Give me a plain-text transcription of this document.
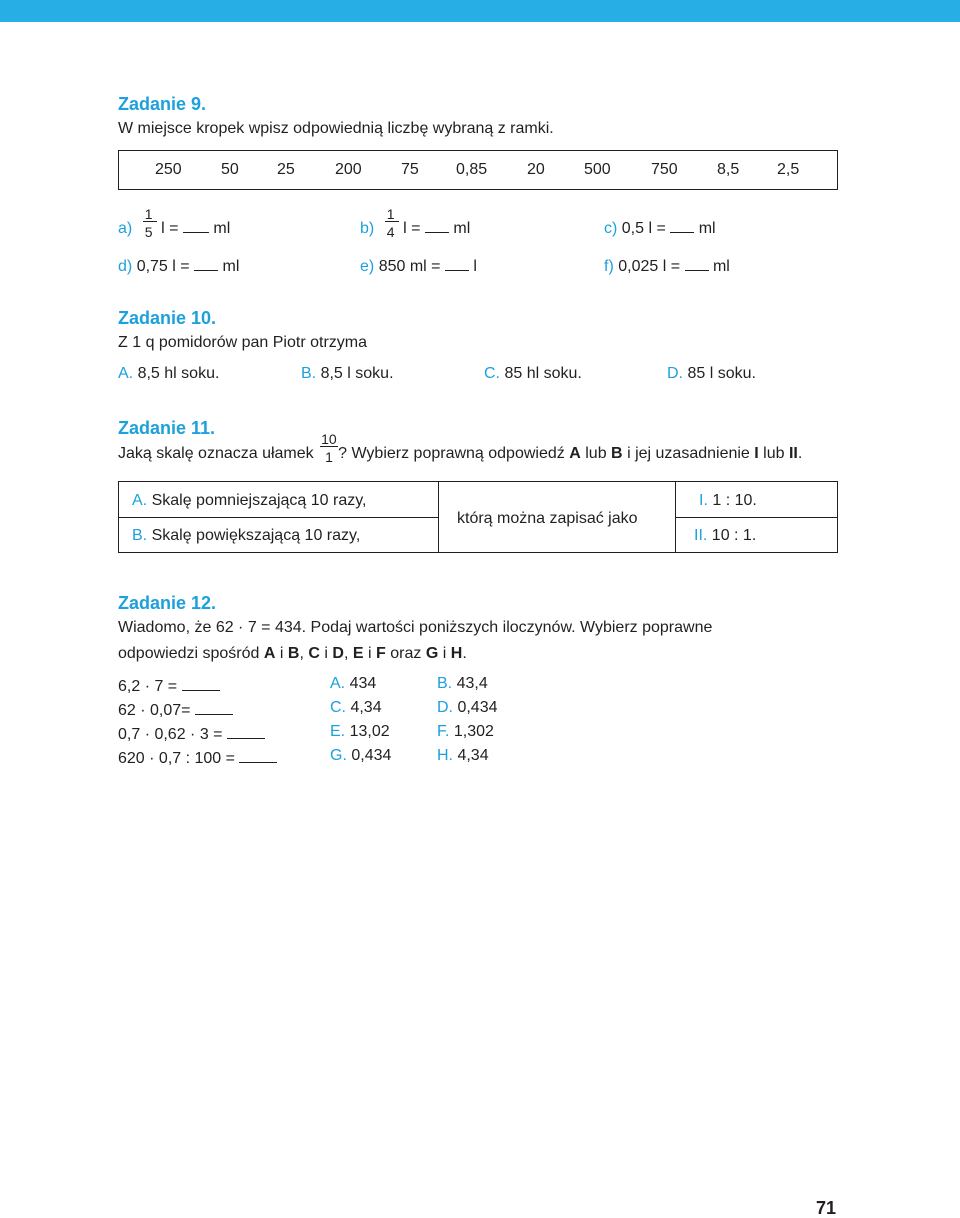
Zadanie 9.
W miejsce kropek wpisz odpowiednią liczbę wybraną z ramki.
250 50 25	200 75 0,85 20 500	750 8,5 2,5
$a) \frac{1}{5}$ l = ml	$b) \frac{1}{4}$ l = ml	c) 0,5 l = ml
d) 0,75 l = ml	e) 850 ml = l	f) 0,025 l = ml
Zadanie 10.
Z 1 q pomidorów pan Piotr otrzyma
A. 8,5 hl soku.	B. 8,5 l soku.	C. 85 hl soku.	D. 85 l soku.
Zadanie 11.
Jaką skalę oznacza ułamek $\frac{10}{1}$ ? Wybierz poprawną odpowiedź A lub B i jej uzasadnienie I lub II.
A. Skalę pomniejszającą 10 razy,
B. Skalę powiększającą 10 razy,
którą można zapisać jako
I. 1 : 10.
II. 10 : 1.
Zadanie 12.
Wiadomo, że 62 · 7 = 434. Podaj wartości poniższych iloczynów. Wybierz poprawne
odpowiedzi spośród A i B, C i D, E i F oraz G i H.
6,2 · 7 =
62 · 0,07=
0,7 · 0,62 · 3 =
620 · 0,7 : 100 =
A. 434	B. 43,4
C. 4,34	D. 0,434
E. 13,02	F. 1,302
G. 0,434	H. 4,34
71
